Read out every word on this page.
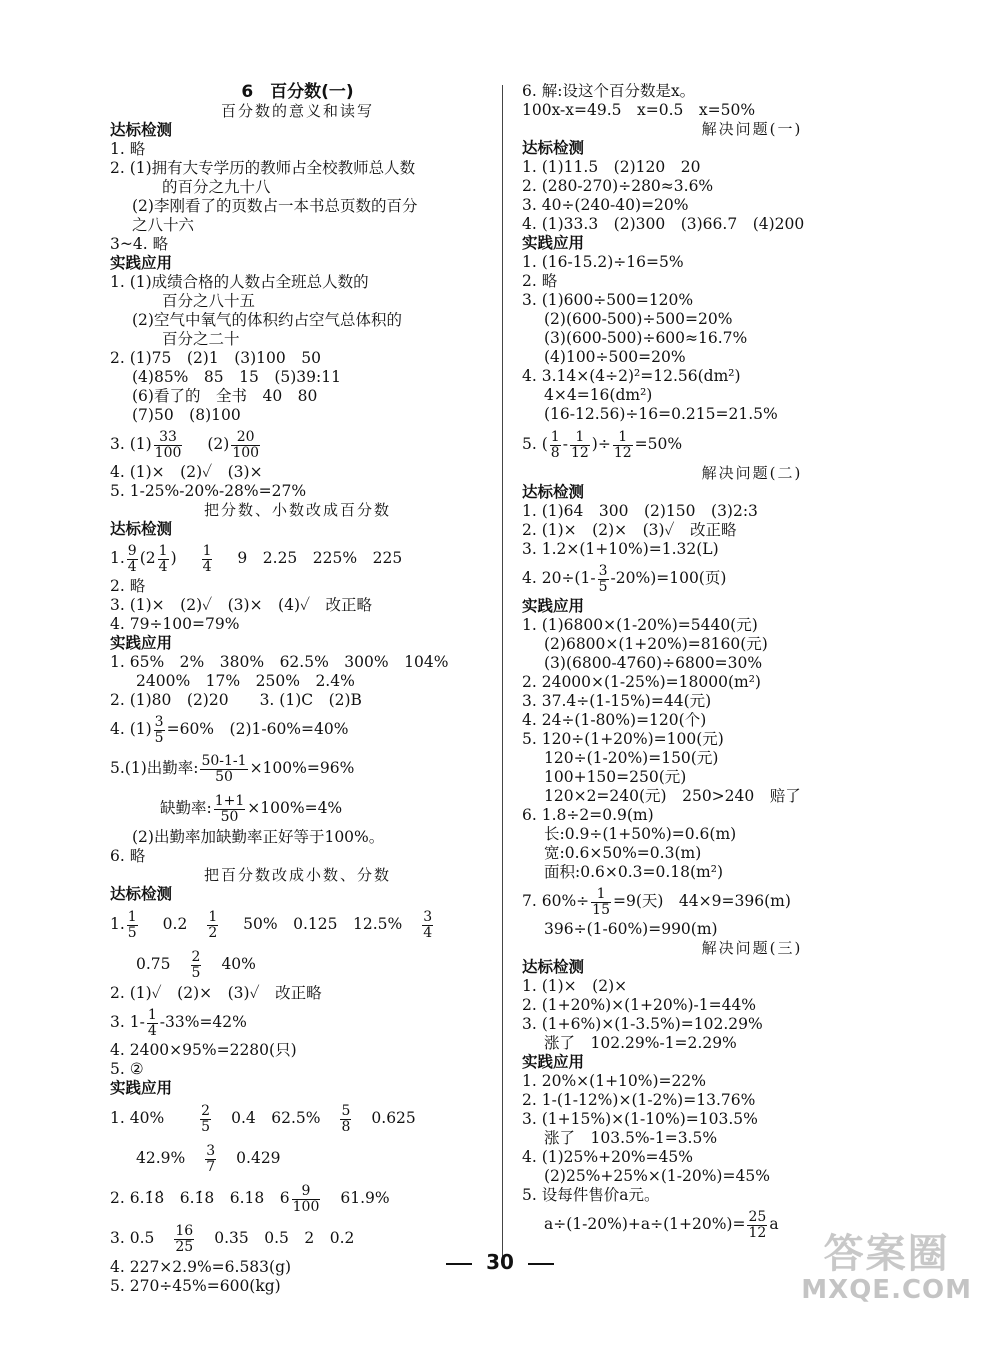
6　百分数(一)
百分数的意义和读写
达标检测
1. 略
2. (1)拥有大专学历的教师占全校教师总人数
的百分之九十八
(2)李刚看了的页数占一本书总页数的百分
之八十六
3~4. 略
实践应用
1. (1)成绩合格的人数占全班总人数的
百分之八十五
(2)空气中氧气的体积约占空气总体积的
百分之二十
2. (1)75　(2)1　(3)100　50
(4)85%　85　15　(5)39:11
(6)看了的　全书　40　80
(7)50　(8)100
3. $(1) \frac{33}{100} (2) \frac{20}{100}$
4. (1)×　(2)✓　(3)×
5. 1-25%-20%-28%=27%
把分数、小数改成百分数
达标检测
1. $\frac{9}{4} (2 \frac{1}{4}$ ) $\frac{1}{4} 9$　2.25　225%　225
2. 略
3. (1)×　(2)✓　(3)×　(4)✓　改正略
4. 79÷100=79%
实践应用
1. 65%　2%　380%　62.5%　300%　104%
2400%　17%　250%　2.4%
2. (1)80　(2)20　　3. (1)C　(2)B
4. $(1) \frac{3}{5} =60\%$　(2)1-60%=40%
5.(1)出勤率: $\frac{50-1-1}{50} \times 100\%=96\%$
缺勤率: $\frac{1+1}{50} \times 100\%=4\%$
(2)出勤率加缺勤率正好等于100%。
6. 略
把百分数改成小数、分数
达标检测
1. $\frac{1}{5} 0.2 \frac{1}{2} 50\%$　0.125　$12.5\% \frac{3}{4}$
$0.75 \frac{2}{5} 40\%$
2. (1)✓　(2)×　(3)✓　改正略
3. $1- \frac{1}{4} -33\%=42\%$
4. 2400×95%=2280(只)
5. ②
实践应用
1. 40%	$\frac{2}{5} 0.4$　$62.5\% \frac{5}{8} 0.625$
$42.9\% \frac{3}{7} 0.429$
2. 6.1̇8̇　6.1̇8　6.18　$6 \frac{9}{100} 61.9\%$
3. $0.5 \frac{16}{25} 0.35$　0.5　2　0.2
4. 227×2.9%=6.583(g)
5. 270÷45%=600(kg)
6. 解:设这个百分数是x。
100x-x=49.5　x=0.5　x=50%
解决问题(一)
达标检测
1. (1)11.5　(2)120　20
2. (280-270)÷280≈3.6%
3. 40÷(240-40)=20%
4. (1)33.3　(2)300　(3)66.7　(4)200
实践应用
1. (16-15.2)÷16=5%
2. 略
3. (1)600÷500=120%
(2)(600-500)÷500=20%
(3)(600-500)÷600≈16.7%
(4)100÷500=20%
4. 3.14×(4÷2)²=12.56(dm²)
4×4=16(dm²)
(16-12.56)÷16=0.215=21.5%
5. ( $\frac{1}{8} - \frac{1}{12}$ )÷ $\frac{1}{12} =50\%$
解决问题(二)
达标检测
1. (1)64　300　(2)150　(3)2:3
2. (1)×　(2)×　(3)✓　改正略
3. 1.2×(1+10%)=1.32(L)
4. $20\div(1- \frac{3}{5} -20\%)=100$(页)
实践应用
1. (1)6800×(1-20%)=5440(元)
(2)6800×(1+20%)=8160(元)
(3)(6800-4760)÷6800=30%
2. 24000×(1-25%)=18000(m²)
3. 37.4÷(1-15%)=44(元)
4. 24÷(1-80%)=120(个)
5. 120÷(1+20%)=100(元)
120÷(1-20%)=150(元)
100+150=250(元)
120×2=240(元)　250>240　赔了
6. 1.8÷2=0.9(m)
长:0.9÷(1+50%)=0.6(m)
宽:0.6×50%=0.3(m)
面积:0.6×0.3=0.18(m²)
7. $60\%\div \frac{1}{15} =9$(天)　44×9=396(m)
396÷(1-60%)=990(m)
解决问题(三)
达标检测
1. (1)×　(2)×
2. (1+20%)×(1+20%)-1=44%
3. (1+6%)×(1-3.5%)=102.29%
涨了　102.29%-1=2.29%
实践应用
1. 20%×(1+10%)=22%
2. 1-(1-12%)×(1-2%)=13.76%
3. (1+15%)×(1-10%)=103.5%
涨了　103.5%-1=3.5%
4. (1)25%+20%=45%
(2)25%+25%×(1-20%)=45%
5. 设每件售价a元。
$a\div(1-20\%)+a\div(1+20\%)= \frac{25}{12}$ a
30	答案圈
MXQE.COM
